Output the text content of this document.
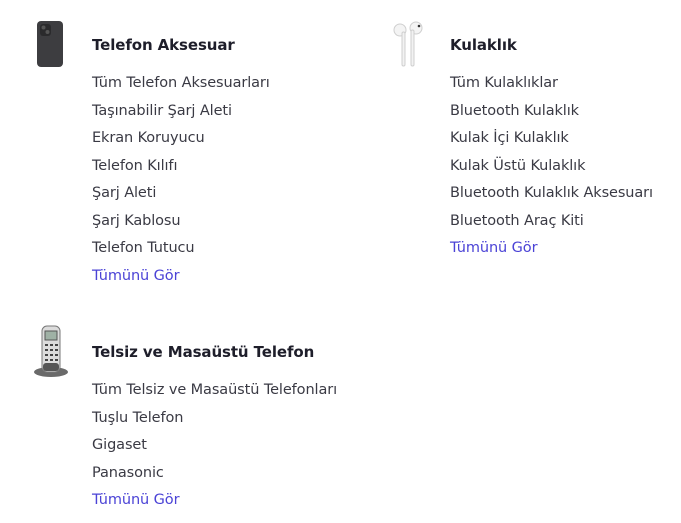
Telefon Aksesuar
Tüm Telefon Aksesuarları
Taşınabilir Şarj Aleti
Ekran Koruyucu
Telefon Kılıfı
Şarj Aleti
Şarj Kablosu
Telefon Tutucu
Tümünü Gör
Kulaklık
Tüm Kulaklıklar
Bluetooth Kulaklık
Kulak İçi Kulaklık
Kulak Üstü Kulaklık
Bluetooth Kulaklık Aksesuarı
Bluetooth Araç Kiti
Tümünü Gör
Telsiz ve Masaüstü Telefon
Tüm Telsiz ve Masaüstü Telefonları
Tuşlu Telefon
Gigaset
Panasonic
Tümünü Gör
